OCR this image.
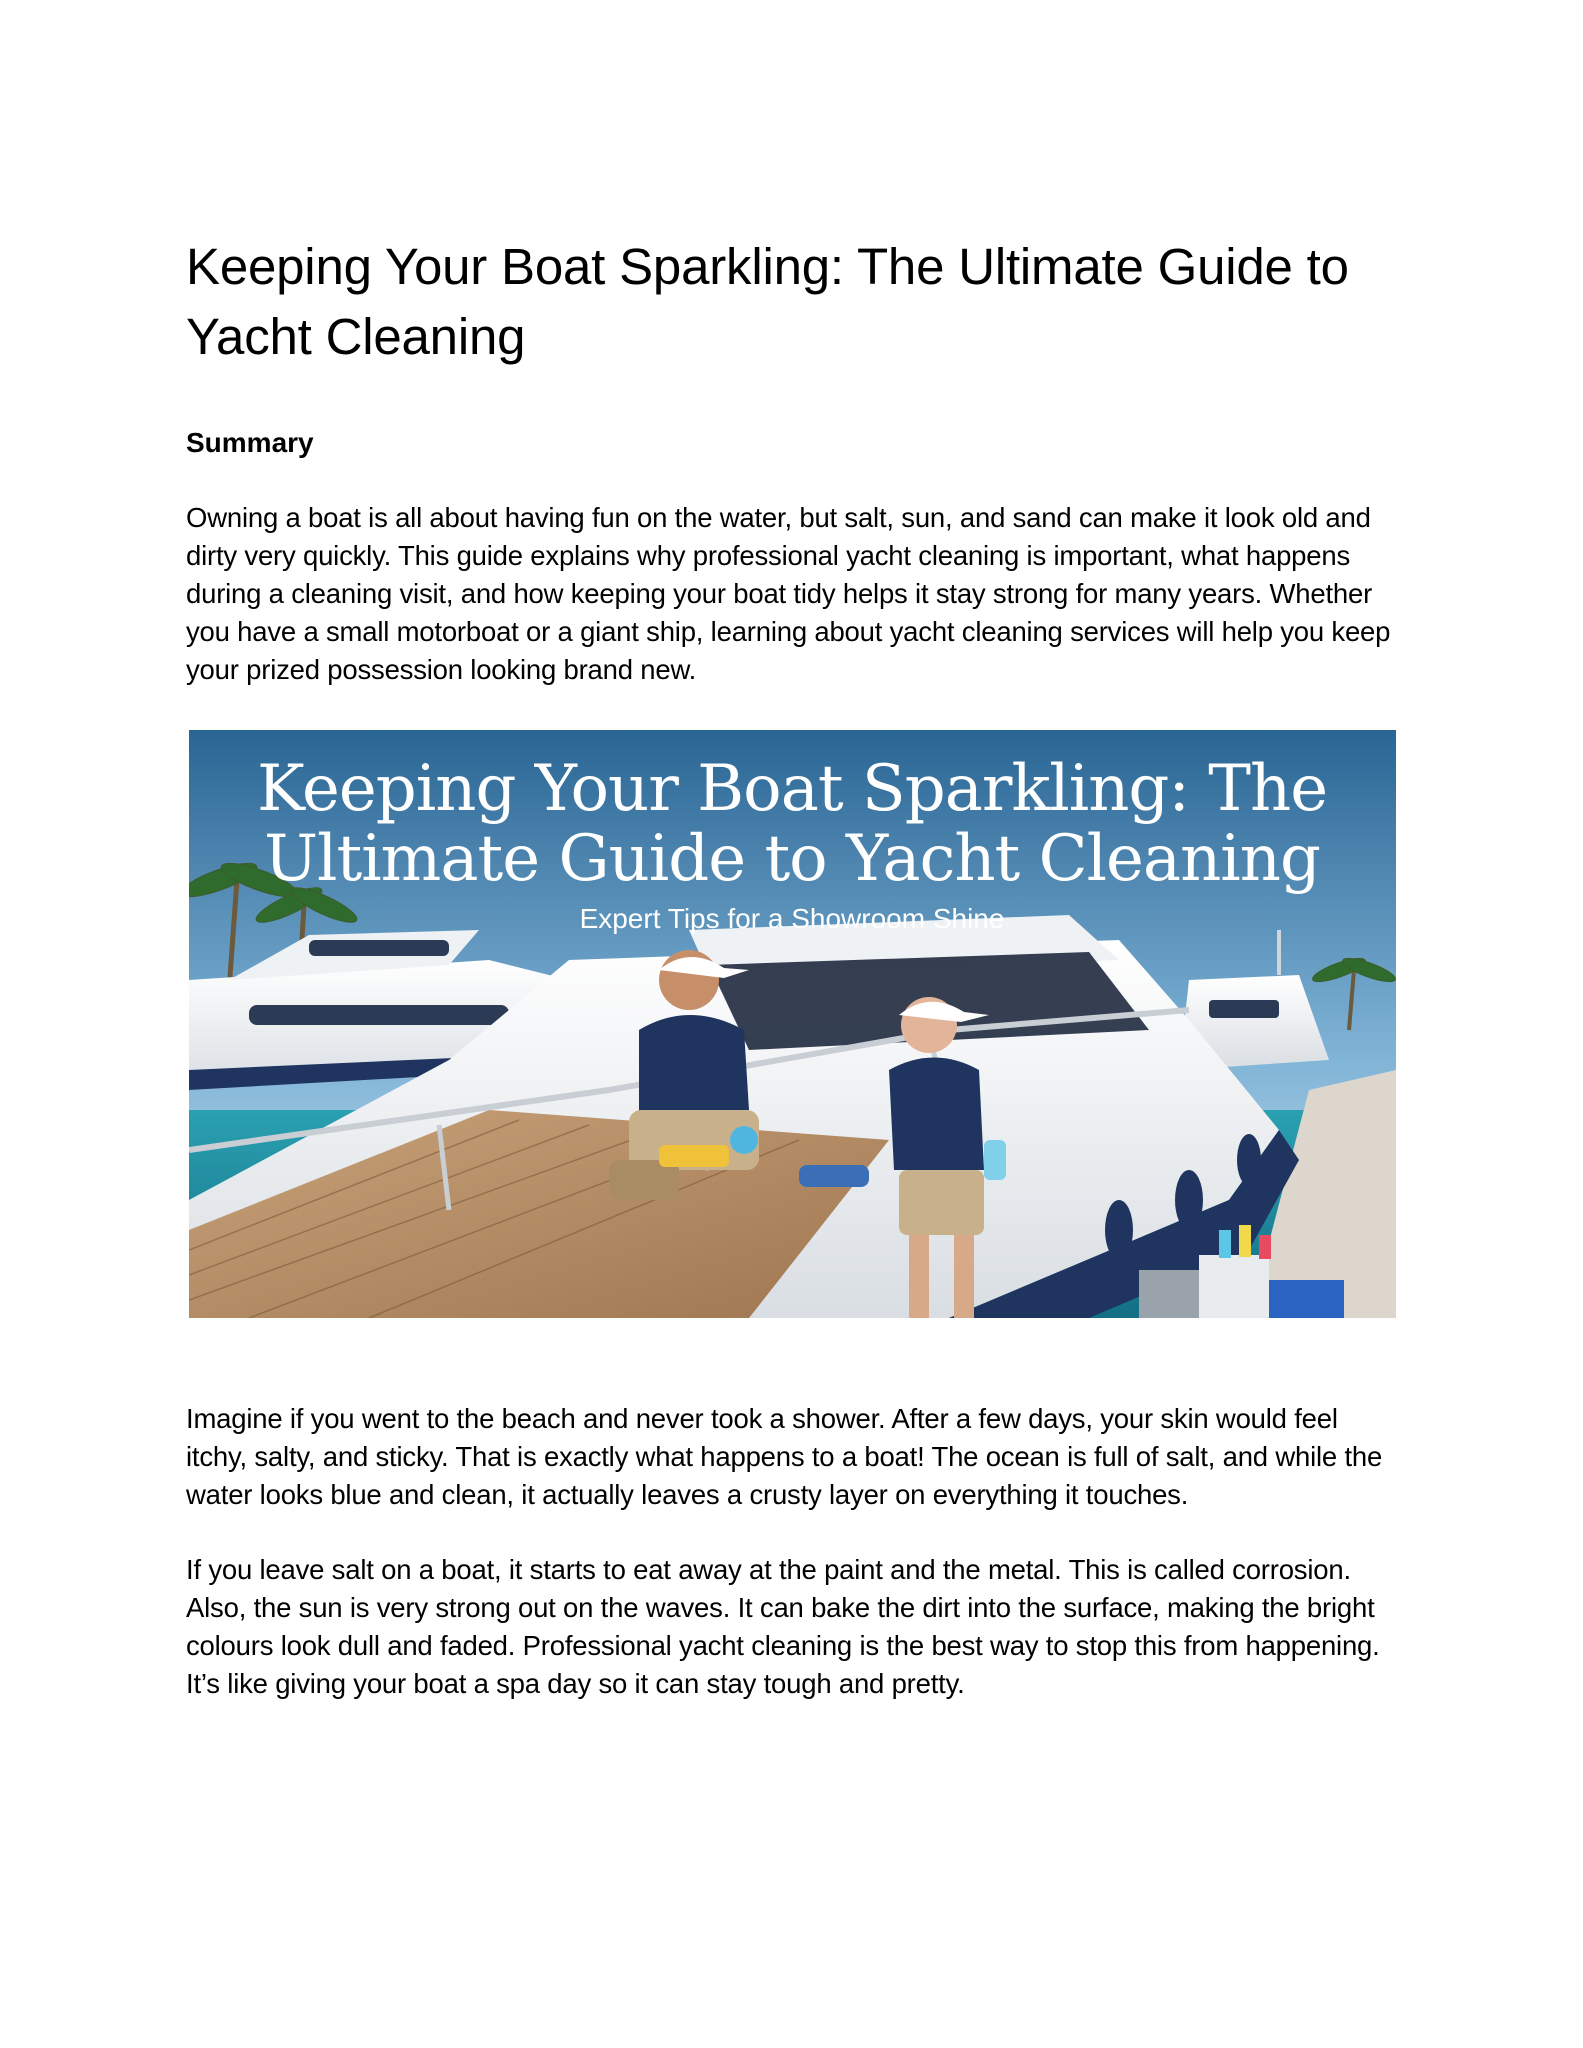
Keeping Your Boat Sparkling: The Ultimate Guide to Yacht Cleaning
Summary

Owning a boat is all about having fun on the water, but salt, sun, and sand can make it look old and dirty very quickly. This guide explains why professional yacht cleaning is important, what happens during a cleaning visit, and how keeping your boat tidy helps it stay strong for many years. Whether you have a small motorboat or a giant ship, learning about yacht cleaning services will help you keep your prized possession looking brand new.

Keeping Your Boat Sparkling: The
Ultimate Guide to Yacht Cleaning
Expert Tips for a Showroom Shine

Imagine if you went to the beach and never took a shower. After a few days, your skin would feel itchy, salty, and sticky. That is exactly what happens to a boat! The ocean is full of salt, and while the water looks blue and clean, it actually leaves a crusty layer on everything it touches.

If you leave salt on a boat, it starts to eat away at the paint and the metal. This is called corrosion. Also, the sun is very strong out on the waves. It can bake the dirt into the surface, making the bright colours look dull and faded. Professional yacht cleaning is the best way to stop this from happening. It’s like giving your boat a spa day so it can stay tough and pretty.
